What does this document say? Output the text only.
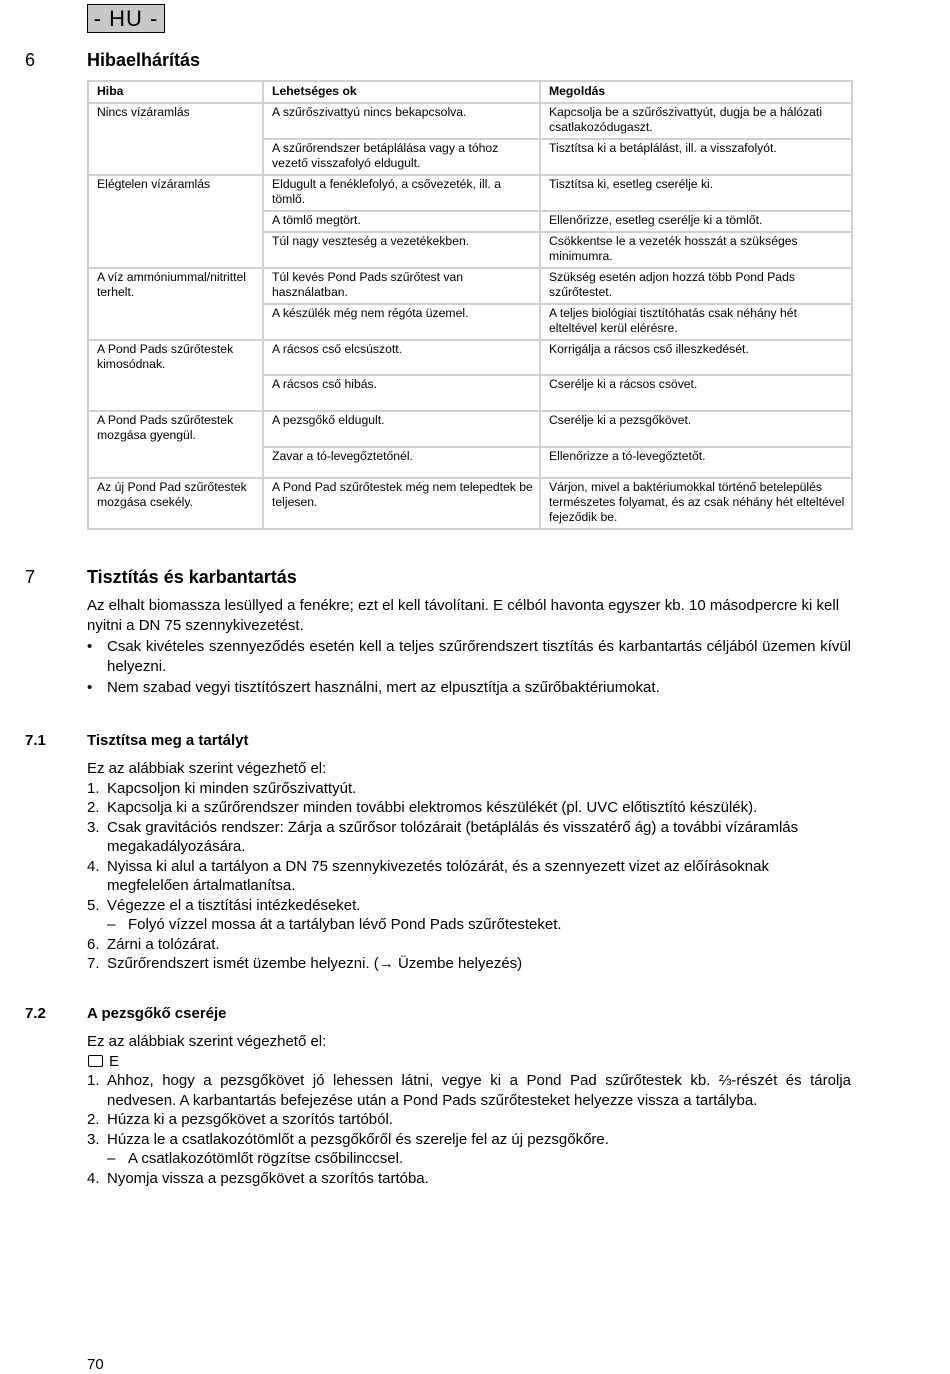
- HU -
6	Hibaelhárítás
Hiba	Lehetséges ok	Megoldás
Nincs vízáramlás	A szűrőszivattyú nincs bekapcsolva.	Kapcsolja be a szűrőszivattyút, dugja be a hálózati csatlakozódugaszt.
	A szűrőrendszer betáplálása vagy a tóhoz vezető visszafolyó eldugult.	Tisztítsa ki a betáplálást, ill. a visszafolyót.
Elégtelen vízáramlás	Eldugult a fenéklefolyó, a csővezeték, ill. a tömlő.	Tisztítsa ki, esetleg cserélje ki.
	A tömlő megtört.	Ellenőrizze, esetleg cserélje ki a tömlőt.
	Túl nagy veszteség a vezetékekben.	Csökkentse le a vezeték hosszát a szükséges minimumra.
A víz ammóniummal/nitrittel terhelt.	Túl kevés Pond Pads szűrőtest van használatban.	Szükség esetén adjon hozzá több Pond Pads szűrőtestet.
	A készülék még nem régóta üzemel.	A teljes biológiai tisztítóhatás csak néhány hét elteltével kerül elérésre.
A Pond Pads szűrőtestek kimosódnak.	A rácsos cső elcsúszott.	Korrigálja a rácsos cső illeszkedését.
	A rácsos cső hibás.	Cserélje ki a rácsos csövet.
A Pond Pads szűrőtestek mozgása gyengül.	A pezsgőkő eldugult.	Cserélje ki a pezsgőkövet.
	Zavar a tó-levegőztetőnél.	Ellenőrizze a tó-levegőztetőt.
Az új Pond Pad szűrőtestek mozgása csekély.	A Pond Pad szűrőtestek még nem telepedtek be teljesen.	Várjon, mivel a baktériumokkal történő betelepülés természetes folyamat, és az csak néhány hét elteltével fejeződik be.
7	Tisztítás és karbantartás

Az elhalt biomassza lesüllyed a fenékre; ezt el kell távolítani. E célból havonta egyszer kb. 10 másodpercre ki kell nyitni a DN 75 szennykivezetést.

• Csak kivételes szennyeződés esetén kell a teljes szűrőrendszert tisztítás és karbantartás céljából üzemen kívül helyezni.
• Nem szabad vegyi tisztítószert használni, mert az elpusztítja a szűrőbaktériumokat.
7.1	Tisztítsa meg a tartályt

Ez az alábbiak szerint végezhető el:

1. Kapcsoljon ki minden szűrőszivattyút.
2. Kapcsolja ki a szűrőrendszer minden további elektromos készülékét (pl. UVC előtisztító készülék).
3. Csak gravitációs rendszer: Zárja a szűrősor tolózárait (betáplálás és visszatérő ág) a további vízáramlás megakadályozására.
4. Nyissa ki alul a tartályon a DN 75 szennykivezetés tolózárát, és a szennyezett vizet az előírásoknak megfelelően ártalmatlanítsa.
5. Végezze el a tisztítási intézkedéseket.
– Folyó vízzel mossa át a tartályban lévő Pond Pads szűrőtesteket.
6. Zárni a tolózárat.
7. Szűrőrendszert ismét üzembe helyezni. (→ Üzembe helyezés)
7.2	A pezsgőkő cseréje

Ez az alábbiak szerint végezhető el:

E
1. Ahhoz, hogy a pezsgőkövet jó lehessen látni, vegye ki a Pond Pad szűrőtestek kb. ⅔-részét és tárolja nedvesen. A karbantartás befejezése után a Pond Pads szűrőtesteket helyezze vissza a tartályba.
2. Húzza ki a pezsgőkövet a szorítós tartóból.
3. Húzza le a csatlakozótömlőt a pezsgőkőről és szerelje fel az új pezsgőkőre.
– A csatlakozótömlőt rögzítse csőbilinccsel.
4. Nyomja vissza a pezsgőkövet a szorítós tartóba.
70
